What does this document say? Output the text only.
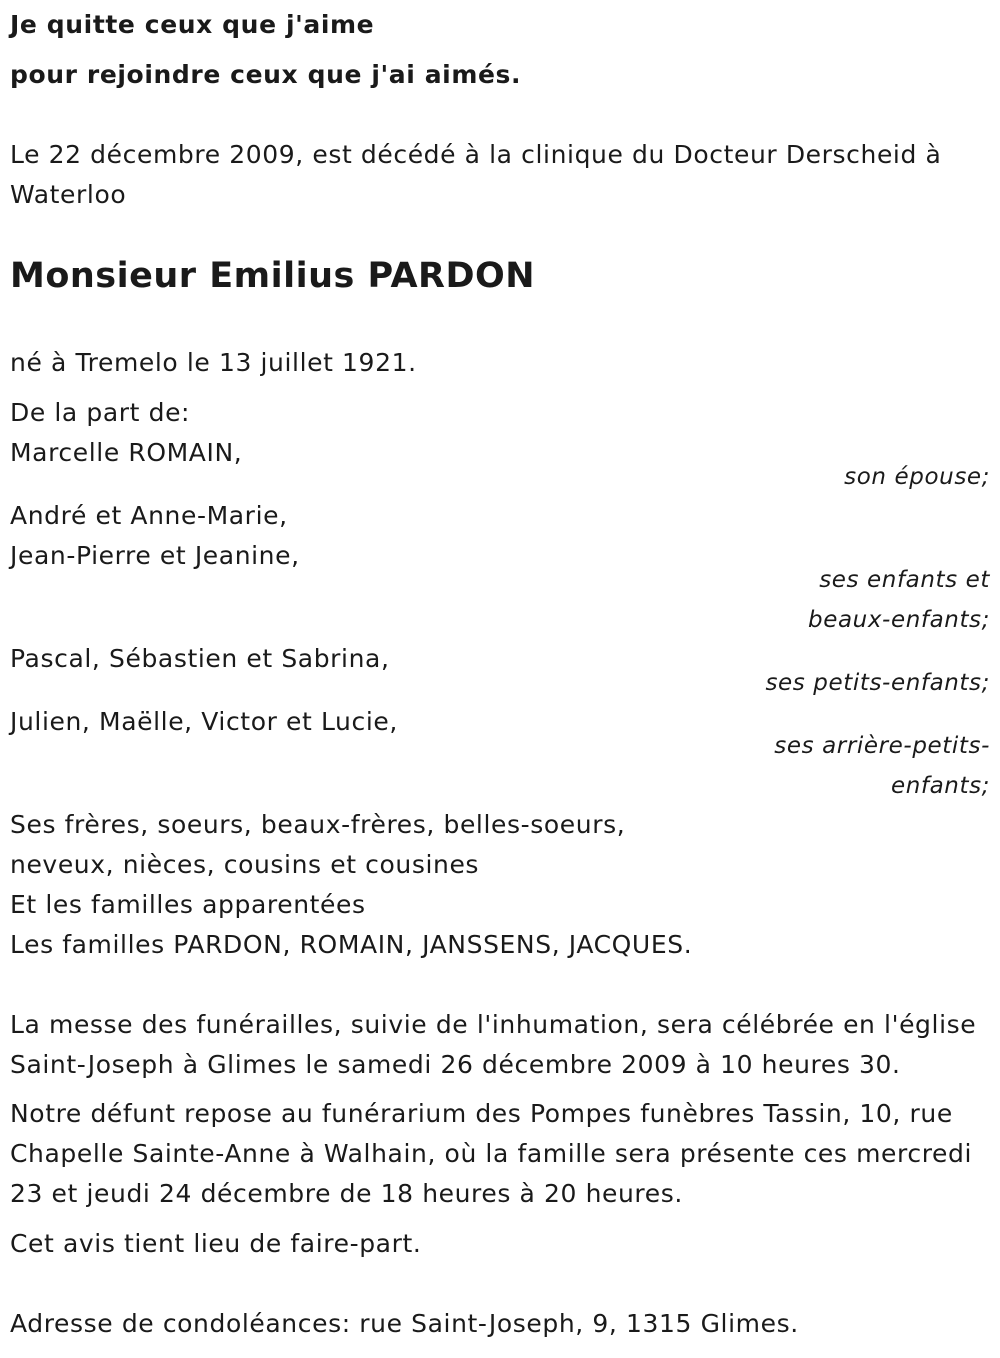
Je quitte ceux que j'aime

pour rejoindre ceux que j'ai aimés.

Le 22 décembre 2009, est décédé à la clinique du Docteur Derscheid à

Waterloo

Monsieur Emilius PARDON

né à Tremelo le 13 juillet 1921.

De la part de:

Marcelle ROMAIN,

son épouse;

André et Anne-Marie,

Jean-Pierre et Jeanine,

ses enfants et

beaux-enfants;

Pascal, Sébastien et Sabrina,

ses petits-enfants;

Julien, Maëlle, Victor et Lucie,

ses arrière-petits-

enfants;

Ses frères, soeurs, beaux-frères, belles-soeurs,

neveux, nièces, cousins et cousines

Et les familles apparentées

Les familles PARDON, ROMAIN, JANSSENS, JACQUES.

La messe des funérailles, suivie de l'inhumation, sera célébrée en l'église

Saint-Joseph à Glimes le samedi 26 décembre 2009 à 10 heures 30.

Notre défunt repose au funérarium des Pompes funèbres Tassin, 10, rue

Chapelle Sainte-Anne à Walhain, où la famille sera présente ces mercredi

23 et jeudi 24 décembre de 18 heures à 20 heures.

Cet avis tient lieu de faire-part.

Adresse de condoléances: rue Saint-Joseph, 9, 1315 Glimes.
